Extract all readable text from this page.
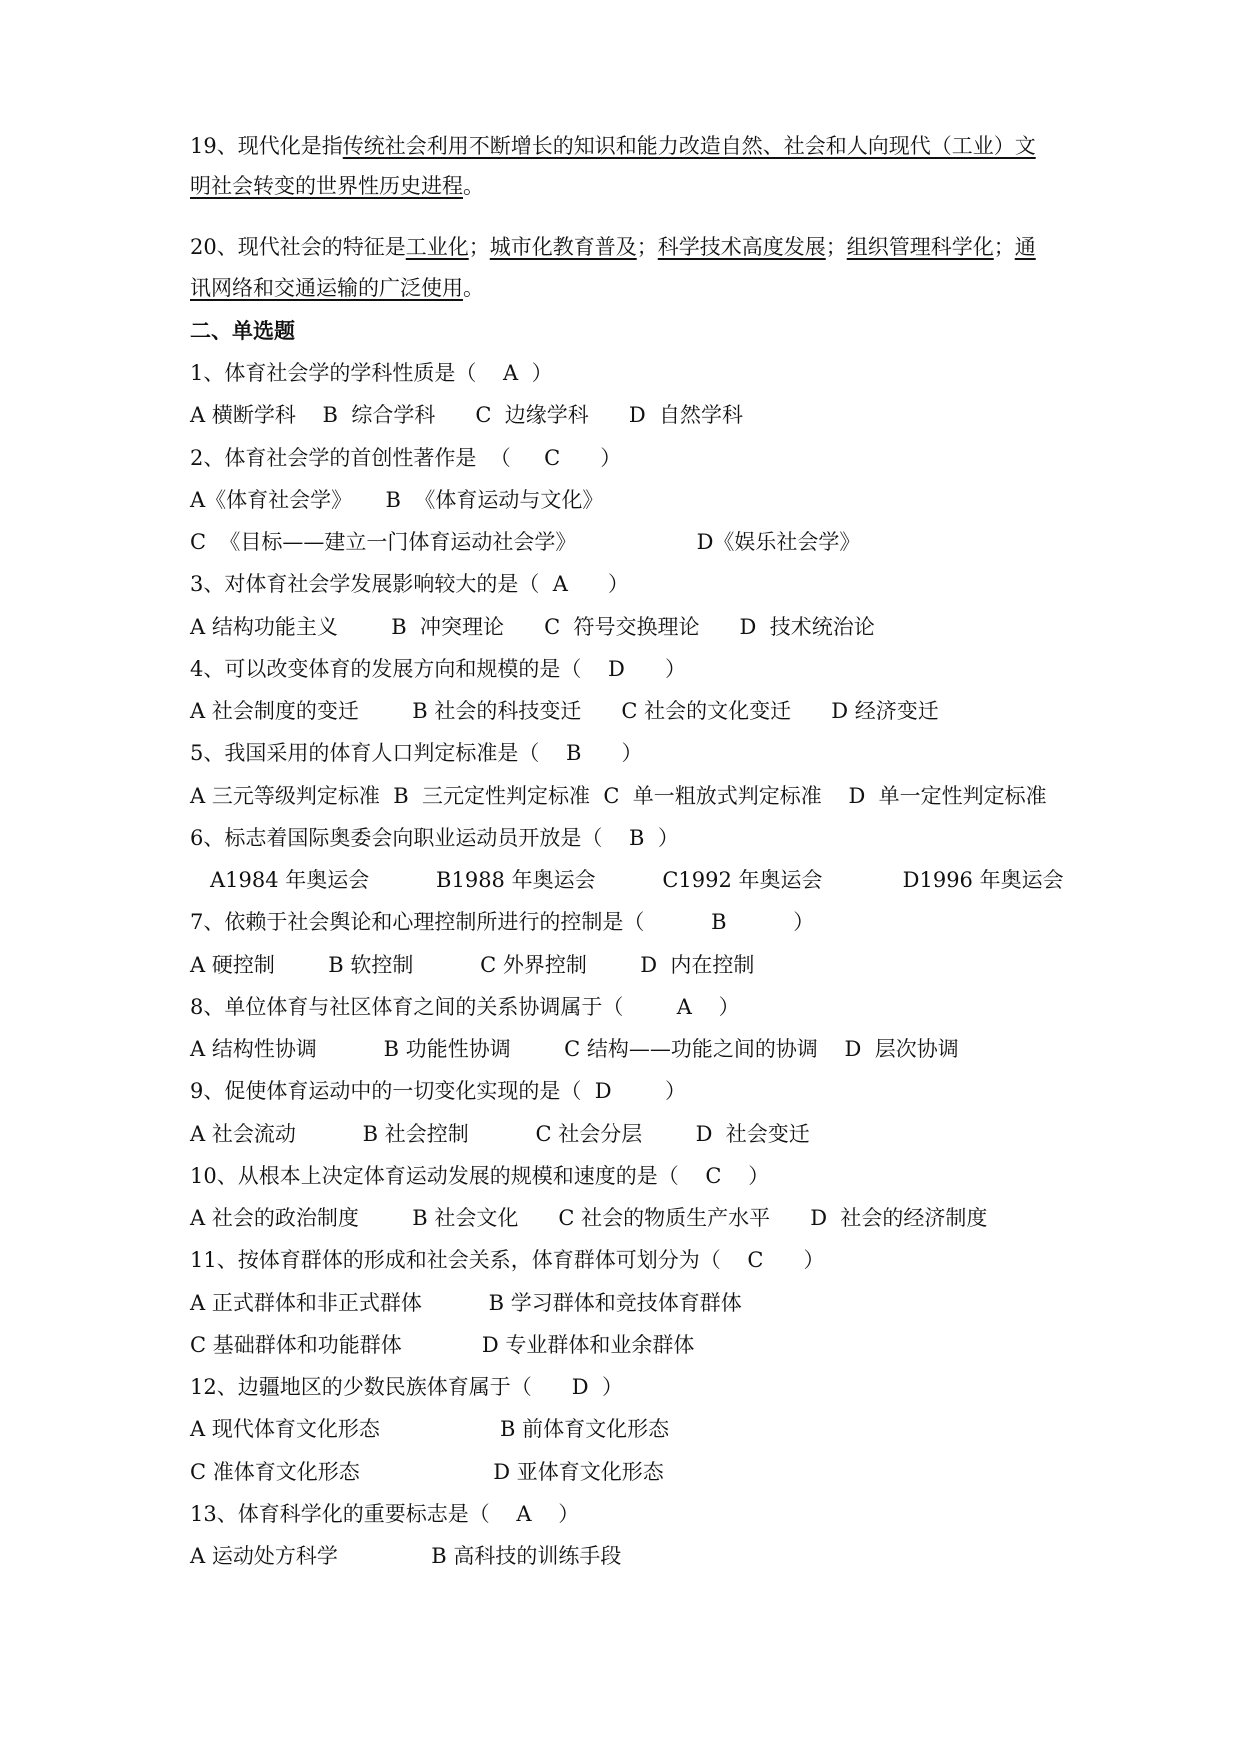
19、现代化是指传统社会利用不断增长的知识和能力改造自然、社会和人向现代（工业）文
明社会转变的世界性历史进程。
20、现代社会的特征是工业化；城市化教育普及；科学技术高度发展；组织管理科学化；通
讯网络和交通运输的广泛使用。
二、单选题
1、体育社会学的学科性质是（    A  ）
A 横断学科    B  综合学科      C  边缘学科      D  自然学科
2、体育社会学的首创性著作是  （     C      ）
A《体育社会学》     B  《体育运动与文化》
C  《目标——建立一门体育运动社会学》                  D《娱乐社会学》
3、对体育社会学发展影响较大的是（  A      ）
A 结构功能主义        B  冲突理论      C  符号交换理论      D  技术统治论
4、可以改变体育的发展方向和规模的是（    D      ）
A 社会制度的变迁        B 社会的科技变迁      C 社会的文化变迁      D 经济变迁
5、我国采用的体育人口判定标准是（    B      ）
A 三元等级判定标准  B  三元定性判定标准  C  单一粗放式判定标准    D  单一定性判定标准
6、标志着国际奥委会向职业运动员开放是（    B  ）
A1984 年奥运会          B1988 年奥运会          C1992 年奥运会            D1996 年奥运会
7、依赖于社会舆论和心理控制所进行的控制是（          B          ）
A 硬控制        B 软控制          C 外界控制        D  内在控制
8、单位体育与社区体育之间的关系协调属于（        A    ）
A 结构性协调          B 功能性协调        C 结构——功能之间的协调    D  层次协调
9、促使体育运动中的一切变化实现的是（  D        ）
A 社会流动          B 社会控制          C 社会分层        D  社会变迁
10、从根本上决定体育运动发展的规模和速度的是（    C    ）
A 社会的政治制度        B 社会文化      C 社会的物质生产水平      D  社会的经济制度
11、按体育群体的形成和社会关系，体育群体可划分为（    C      ）
A 正式群体和非正式群体          B 学习群体和竞技体育群体
C 基础群体和功能群体            D 专业群体和业余群体
12、边疆地区的少数民族体育属于（      D  ）
A 现代体育文化形态                  B 前体育文化形态
C 准体育文化形态                    D 亚体育文化形态
13、体育科学化的重要标志是（    A    ）
A 运动处方科学              B 高科技的训练手段
